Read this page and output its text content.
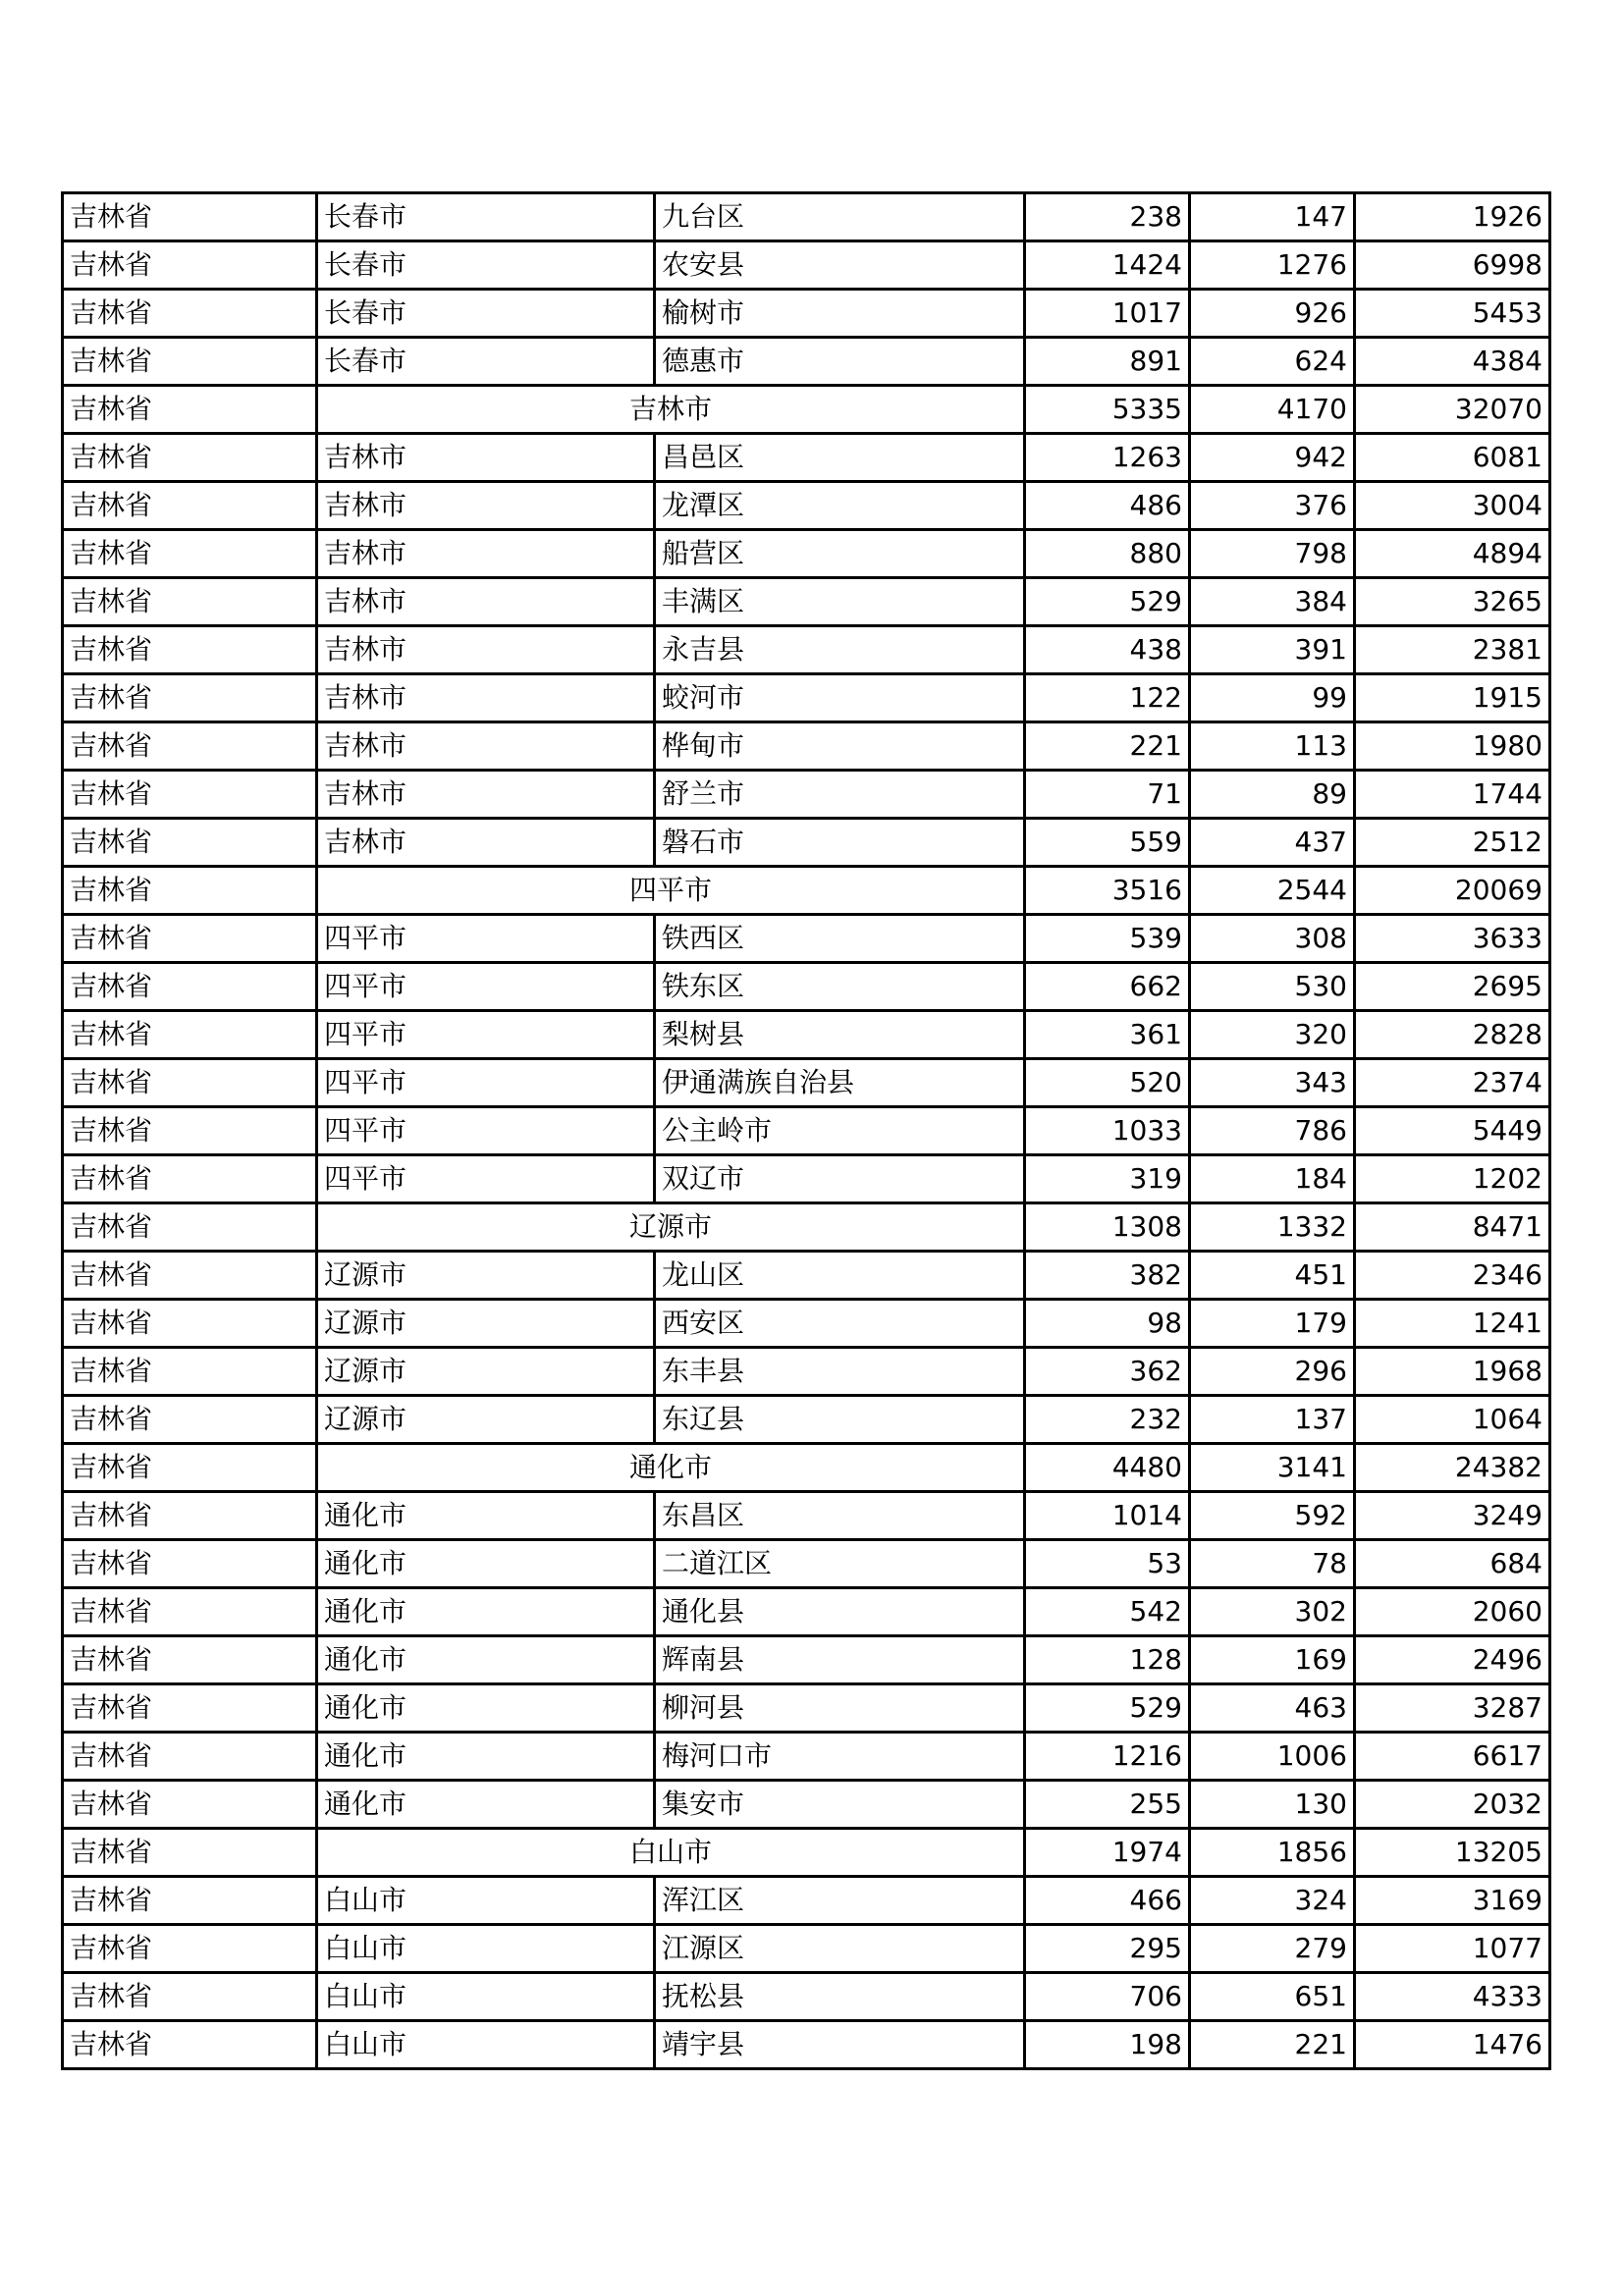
吉林省	长春市	九台区	238	147	1926
吉林省	长春市	农安县	1424	1276	6998
吉林省	长春市	榆树市	1017	926	5453
吉林省	长春市	德惠市	891	624	4384
吉林省	吉林市		5335	4170	32070
吉林省	吉林市	昌邑区	1263	942	6081
吉林省	吉林市	龙潭区	486	376	3004
吉林省	吉林市	船营区	880	798	4894
吉林省	吉林市	丰满区	529	384	3265
吉林省	吉林市	永吉县	438	391	2381
吉林省	吉林市	蛟河市	122	99	1915
吉林省	吉林市	桦甸市	221	113	1980
吉林省	吉林市	舒兰市	71	89	1744
吉林省	吉林市	磐石市	559	437	2512
吉林省	四平市		3516	2544	20069
吉林省	四平市	铁西区	539	308	3633
吉林省	四平市	铁东区	662	530	2695
吉林省	四平市	梨树县	361	320	2828
吉林省	四平市	伊通满族自治县	520	343	2374
吉林省	四平市	公主岭市	1033	786	5449
吉林省	四平市	双辽市	319	184	1202
吉林省	辽源市		1308	1332	8471
吉林省	辽源市	龙山区	382	451	2346
吉林省	辽源市	西安区	98	179	1241
吉林省	辽源市	东丰县	362	296	1968
吉林省	辽源市	东辽县	232	137	1064
吉林省	通化市		4480	3141	24382
吉林省	通化市	东昌区	1014	592	3249
吉林省	通化市	二道江区	53	78	684
吉林省	通化市	通化县	542	302	2060
吉林省	通化市	辉南县	128	169	2496
吉林省	通化市	柳河县	529	463	3287
吉林省	通化市	梅河口市	1216	1006	6617
吉林省	通化市	集安市	255	130	2032
吉林省	白山市		1974	1856	13205
吉林省	白山市	浑江区	466	324	3169
吉林省	白山市	江源区	295	279	1077
吉林省	白山市	抚松县	706	651	4333
吉林省	白山市	靖宇县	198	221	1476
